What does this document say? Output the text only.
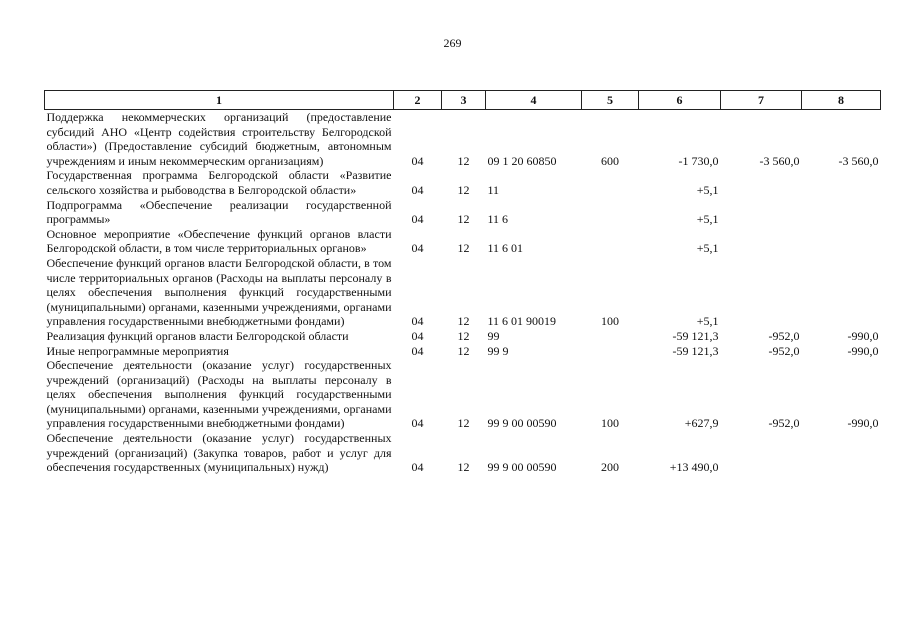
269
1	2	3	4	5	6	7	8
Поддержка некоммерческих организаций (предоставление субсидий АНО «Центр содействия строительству Белгородской области») (Предоставление субсидий бюджетным, автономным учреждениям и иным некоммерческим организациям)	04	12	09 1 20 60850	600	-1 730,0	-3 560,0	-3 560,0
Государственная программа Белгородской области «Развитие сельского хозяйства и рыбоводства в Белгородской области»	04	12	11		+5,1		
Подпрограмма «Обеспечение реализации государственной программы»	04	12	11 6		+5,1		
Основное мероприятие «Обеспечение функций органов власти Белгородской области, в том числе территориальных органов»	04	12	11 6 01		+5,1		
Обеспечение функций органов власти Белгородской области, в том числе территориальных органов (Расходы на выплаты персоналу в целях обеспечения выполнения функций государственными (муниципальными) органами, казенными учреждениями, органами управления государственными внебюджетными фондами)	04	12	11 6 01 90019	100	+5,1		
Реализация функций органов власти Белгородской области	04	12	99		-59 121,3	-952,0	-990,0
Иные непрограммные мероприятия	04	12	99 9		-59 121,3	-952,0	-990,0
Обеспечение деятельности (оказание услуг) государственных учреждений (организаций) (Расходы на выплаты персоналу в целях обеспечения выполнения функций государственными (муниципальными) органами, казенными учреждениями, органами управления государственными внебюджетными фондами)	04	12	99 9 00 00590	100	+627,9	-952,0	-990,0
Обеспечение деятельности (оказание услуг) государственных учреждений (организаций) (Закупка товаров, работ и услуг для обеспечения государственных (муниципальных) нужд)	04	12	99 9 00 00590	200	+13 490,0		
